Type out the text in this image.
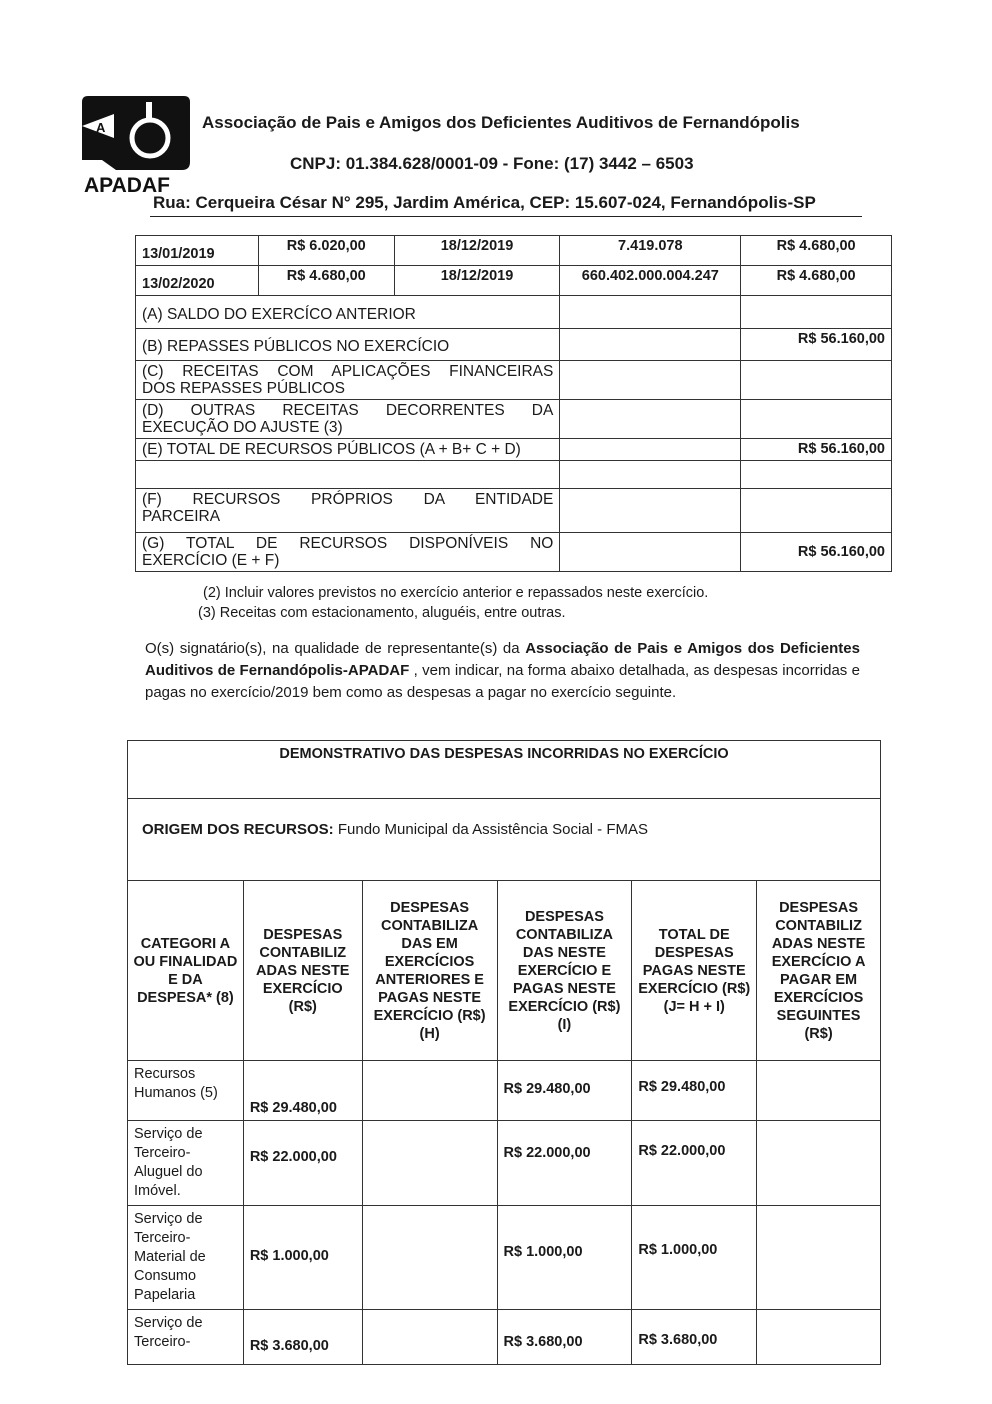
A
APADAF
Associação de Pais e Amigos dos Deficientes Auditivos de Fernandópolis
CNPJ: 01.384.628/0001-09 - Fone: (17) 3442 – 6503
Rua: Cerqueira César N° 295, Jardim América, CEP: 15.607-024, Fernandópolis-SP
13/01/2019	R$ 6.020,00	18/12/2019	7.419.078	R$ 4.680,00
13/02/2020	R$ 4.680,00	18/12/2019	660.402.000.004.247	R$ 4.680,00
(A) SALDO DO EXERCÍCO ANTERIOR				
(B) REPASSES PÚBLICOS NO EXERCÍCIO				R$ 56.160,00

(C) RECEITAS COM APLICAÇÕES FINANCEIRAS
DOS REPASSES PÚBLICOS				

(D) OUTRAS RECEITAS DECORRENTES DA
EXECUÇÃO DO AJUSTE (3)				

(E) TOTAL DE RECURSOS PÚBLICOS (A + B+ C + D)				R$ 56.160,00

(F) RECURSOS PRÓPRIOS DA ENTIDADE
PARCEIRA				

(G) TOTAL DE RECURSOS DISPONÍVEIS NO
EXERCÍCIO (E + F)				R$ 56.160,00
(2) Incluir valores previstos no exercício anterior e repassados neste exercício.
(3) Receitas com estacionamento, aluguéis, entre outras.
O(s) signatário(s), na qualidade de representante(s) da Associação de Pais e Amigos dos Deficientes Auditivos de Fernandópolis-APADAF , vem indicar, na forma abaixo detalhada, as despesas incorridas e pagas no exercício/2019 bem como as despesas a pagar no exercício seguinte.
DEMONSTRATIVO DAS DESPESAS INCORRIDAS NO EXERCÍCIO					
ORIGEM DOS RECURSOS: Fundo Municipal da Assistência Social - FMAS					
CATEGORI A OU FINALIDAD E DA DESPESA* (8)	DESPESAS CONTABILIZ ADAS NESTE EXERCÍCIO (R$)	DESPESAS CONTABILIZA DAS EM EXERCÍCIOS ANTERIORES E PAGAS NESTE EXERCÍCIO (R$) (H)	DESPESAS CONTABILIZA DAS NESTE EXERCÍCIO E PAGAS NESTE EXERCÍCIO (R$) (I)	TOTAL DE DESPESAS PAGAS NESTE EXERCÍCIO (R$) (J= H + I)	DESPESAS CONTABILIZ ADAS NESTE EXERCÍCIO A PAGAR EM EXERCÍCIOS SEGUINTES (R$)
Recursos Humanos (5)	R$ 29.480,00		R$ 29.480,00	R$ 29.480,00	
Serviço de Terceiro-Aluguel do Imóvel.	R$ 22.000,00		R$ 22.000,00	R$ 22.000,00	
Serviço de Terceiro-Material de Consumo Papelaria	R$ 1.000,00		R$ 1.000,00	R$ 1.000,00	
Serviço de Terceiro-	R$ 3.680,00		R$ 3.680,00	R$ 3.680,00	
